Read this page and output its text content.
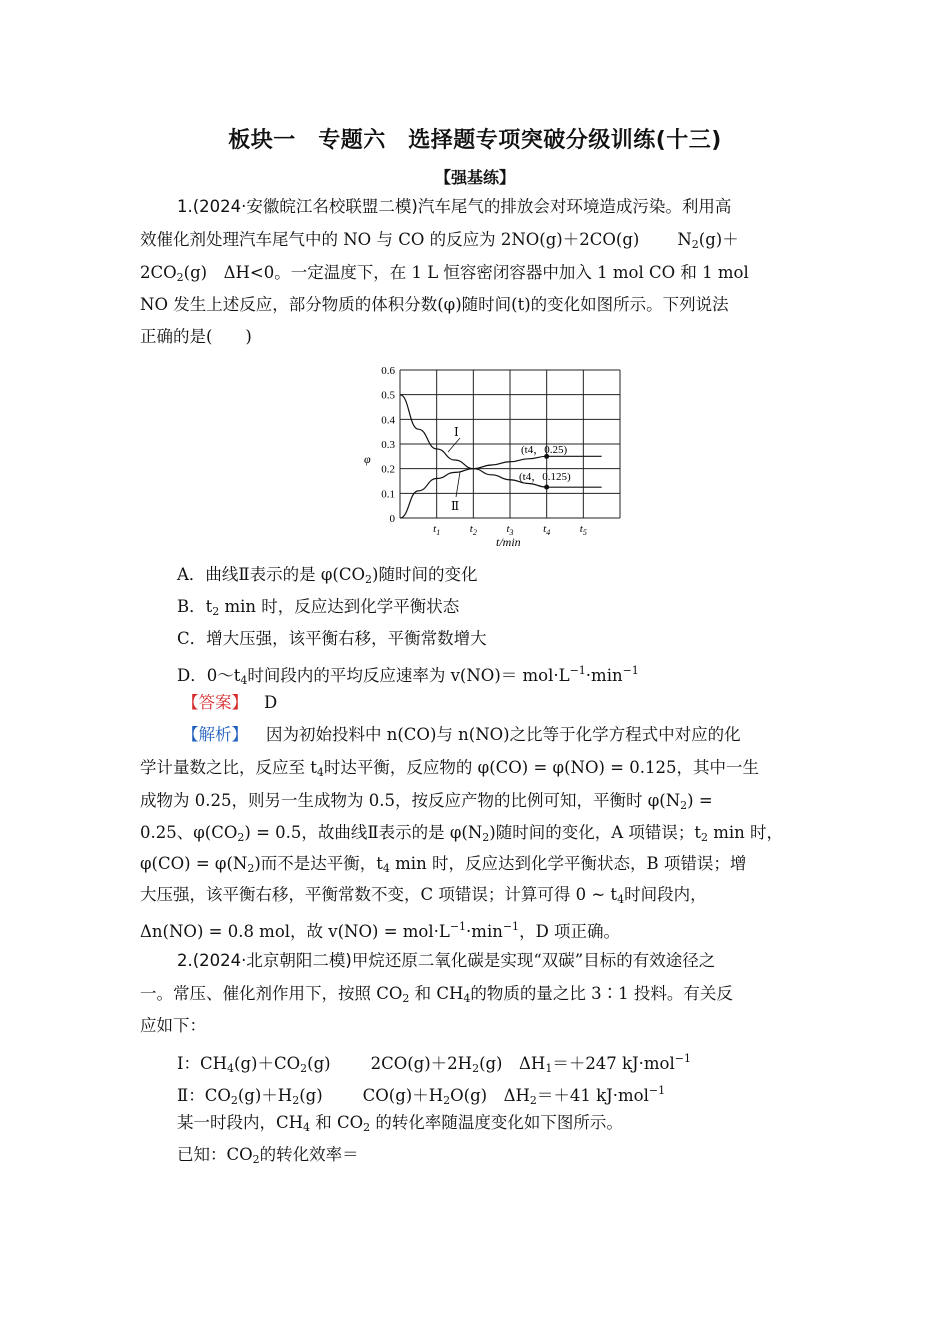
板块一　专题六　选择题专项突破分级训练(十三)
【强基练】
1.(2024·安徽皖江名校联盟二模)汽车尾气的排放会对环境造成污染。利用高
效催化剂处理汽车尾气中的 NO 与 CO 的反应为 2NO(g)＋2CO(g) $N_2(g)+$
$2CO_2(g)$　ΔH<0。一定温度下，在 1 L 恒容密闭容器中加入 1 mol CO 和 1 mol
NO 发生上述反应，部分物质的体积分数(φ)随时间(t)的变化如图所示。下列说法
正确的是(　　)
0
0.1
0.2
0.3
0.4
0.5
0.6
$t_1$	$t_2$	$t_3$	$t_4$	$t_5$
φ
t/min
Ⅰ
Ⅱ
(t4，0.25)
(t4，0.125)
A．曲线Ⅱ表示的是 $\varphi(CO_2)$随时间的变化
B．$t_2$ min 时，反应达到化学平衡状态
C．增大压强，该平衡右移，平衡常数增大
D．$0\sim t_4$时间段内的平均反应速率为 $v(NO)= mol\cdot L^{-1}\cdot\min^{-1}$
【答案】 D
【解析】 因为初始投料中 n(CO)与 n(NO)之比等于化学方程式中对应的化
学计量数之比，反应至 $t_4$时达平衡，反应物的 φ(CO) = φ(NO) = 0.125，其中一生
成物为 0.25，则另一生成物为 0.5，按反应产物的比例可知，平衡时 $\varphi(N_2)$ =
0.25、$\varphi(CO_2) = 0.5$，故曲线Ⅱ表示的是 $\varphi(N_2)$随时间的变化，A 项错误；$t_2$ min 时，
$\varphi(CO) = \varphi(N_2)$而不是达平衡，$t_4$ min 时，反应达到化学平衡状态，B 项错误；增
大压强，该平衡右移，平衡常数不变，C 项错误；计算可得 0 ~ $t_4$时间段内，
Δn(NO) = 0.8 mol，故 $v(NO) = mol\cdot L^{-1}\cdot\min^{-1}$，D 项正确。
2.(2024·北京朝阳二模)甲烷还原二氧化碳是实现“双碳”目标的有效途径之
一。常压、催化剂作用下，按照 $CO_2$ 和 $CH_4$的物质的量之比 3∶1 投料。有关反
应如下：
Ⅰ：$CH_4(g)+CO_2(g)$ $2CO(g)+2H_2(g)$　$\Delta H_1=+247$ kJ·mol$^{-1}$
Ⅱ：$CO_2(g)+H_2(g)$ $CO(g)+H_2O(g)$　$\Delta H_2=+41$ kJ·mol$^{-1}$
某一时段内，$CH_4$ 和 $CO_2$ 的转化率随温度变化如下图所示。
已知：$CO_2$的转化效率＝
